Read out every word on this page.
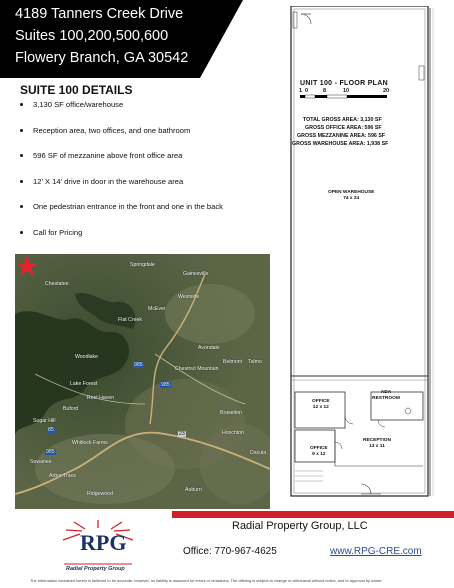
4189 Tanners Creek Drive
Suites 100,200,500,600
Flowery Branch, GA 30542
SUITE 100 DETAILS
3,130 SF office/warehouse
Reception area, two offices, and one bathroom
596 SF of mezzanine above front office area
12' X 14' drive in door in the warehouse area
One pedestrian entrance in the front and one in the back
Call for Pricing
Springdale
Gainesville
Westside
Chestatee
Flat Creek
McEver
Woodlake
Avondale
Belmont Talmo
Chestnut Mountain
Lake Forest
Rest Haven
Buford
Sugar Hill
Suwanee
Whitlock Farms
Arbor Trace
Ridgewood
Auburn
Braselton
Hoschton
Dacula
985
985
85
985
23
UNIT 100 - FLOOR PLAN
1 0	8	10	20
TOTAL GROSS AREA: 3,130 SF
GROSS OFFICE AREA: 596 SF
GROSS MEZZANINE AREA: 596 SF
GROSS WAREHOUSE AREA: 1,938 SF
OPEN WAREHOUSE
74 x 24
OFFICE
12 x 12
OFFICE
9 x 12
ADA RESTROOM
RECEPTION
13 x 11
RPG
Radial Property Group
Radial Property Group, LLC
Office: 770-967-4625	www.RPG-CRE.com
The information contained herein is believed to be accurate; however, no liability is assumed for errors or omissions. The offering is subject to change or withdrawal without notice, and to approval by owner.
